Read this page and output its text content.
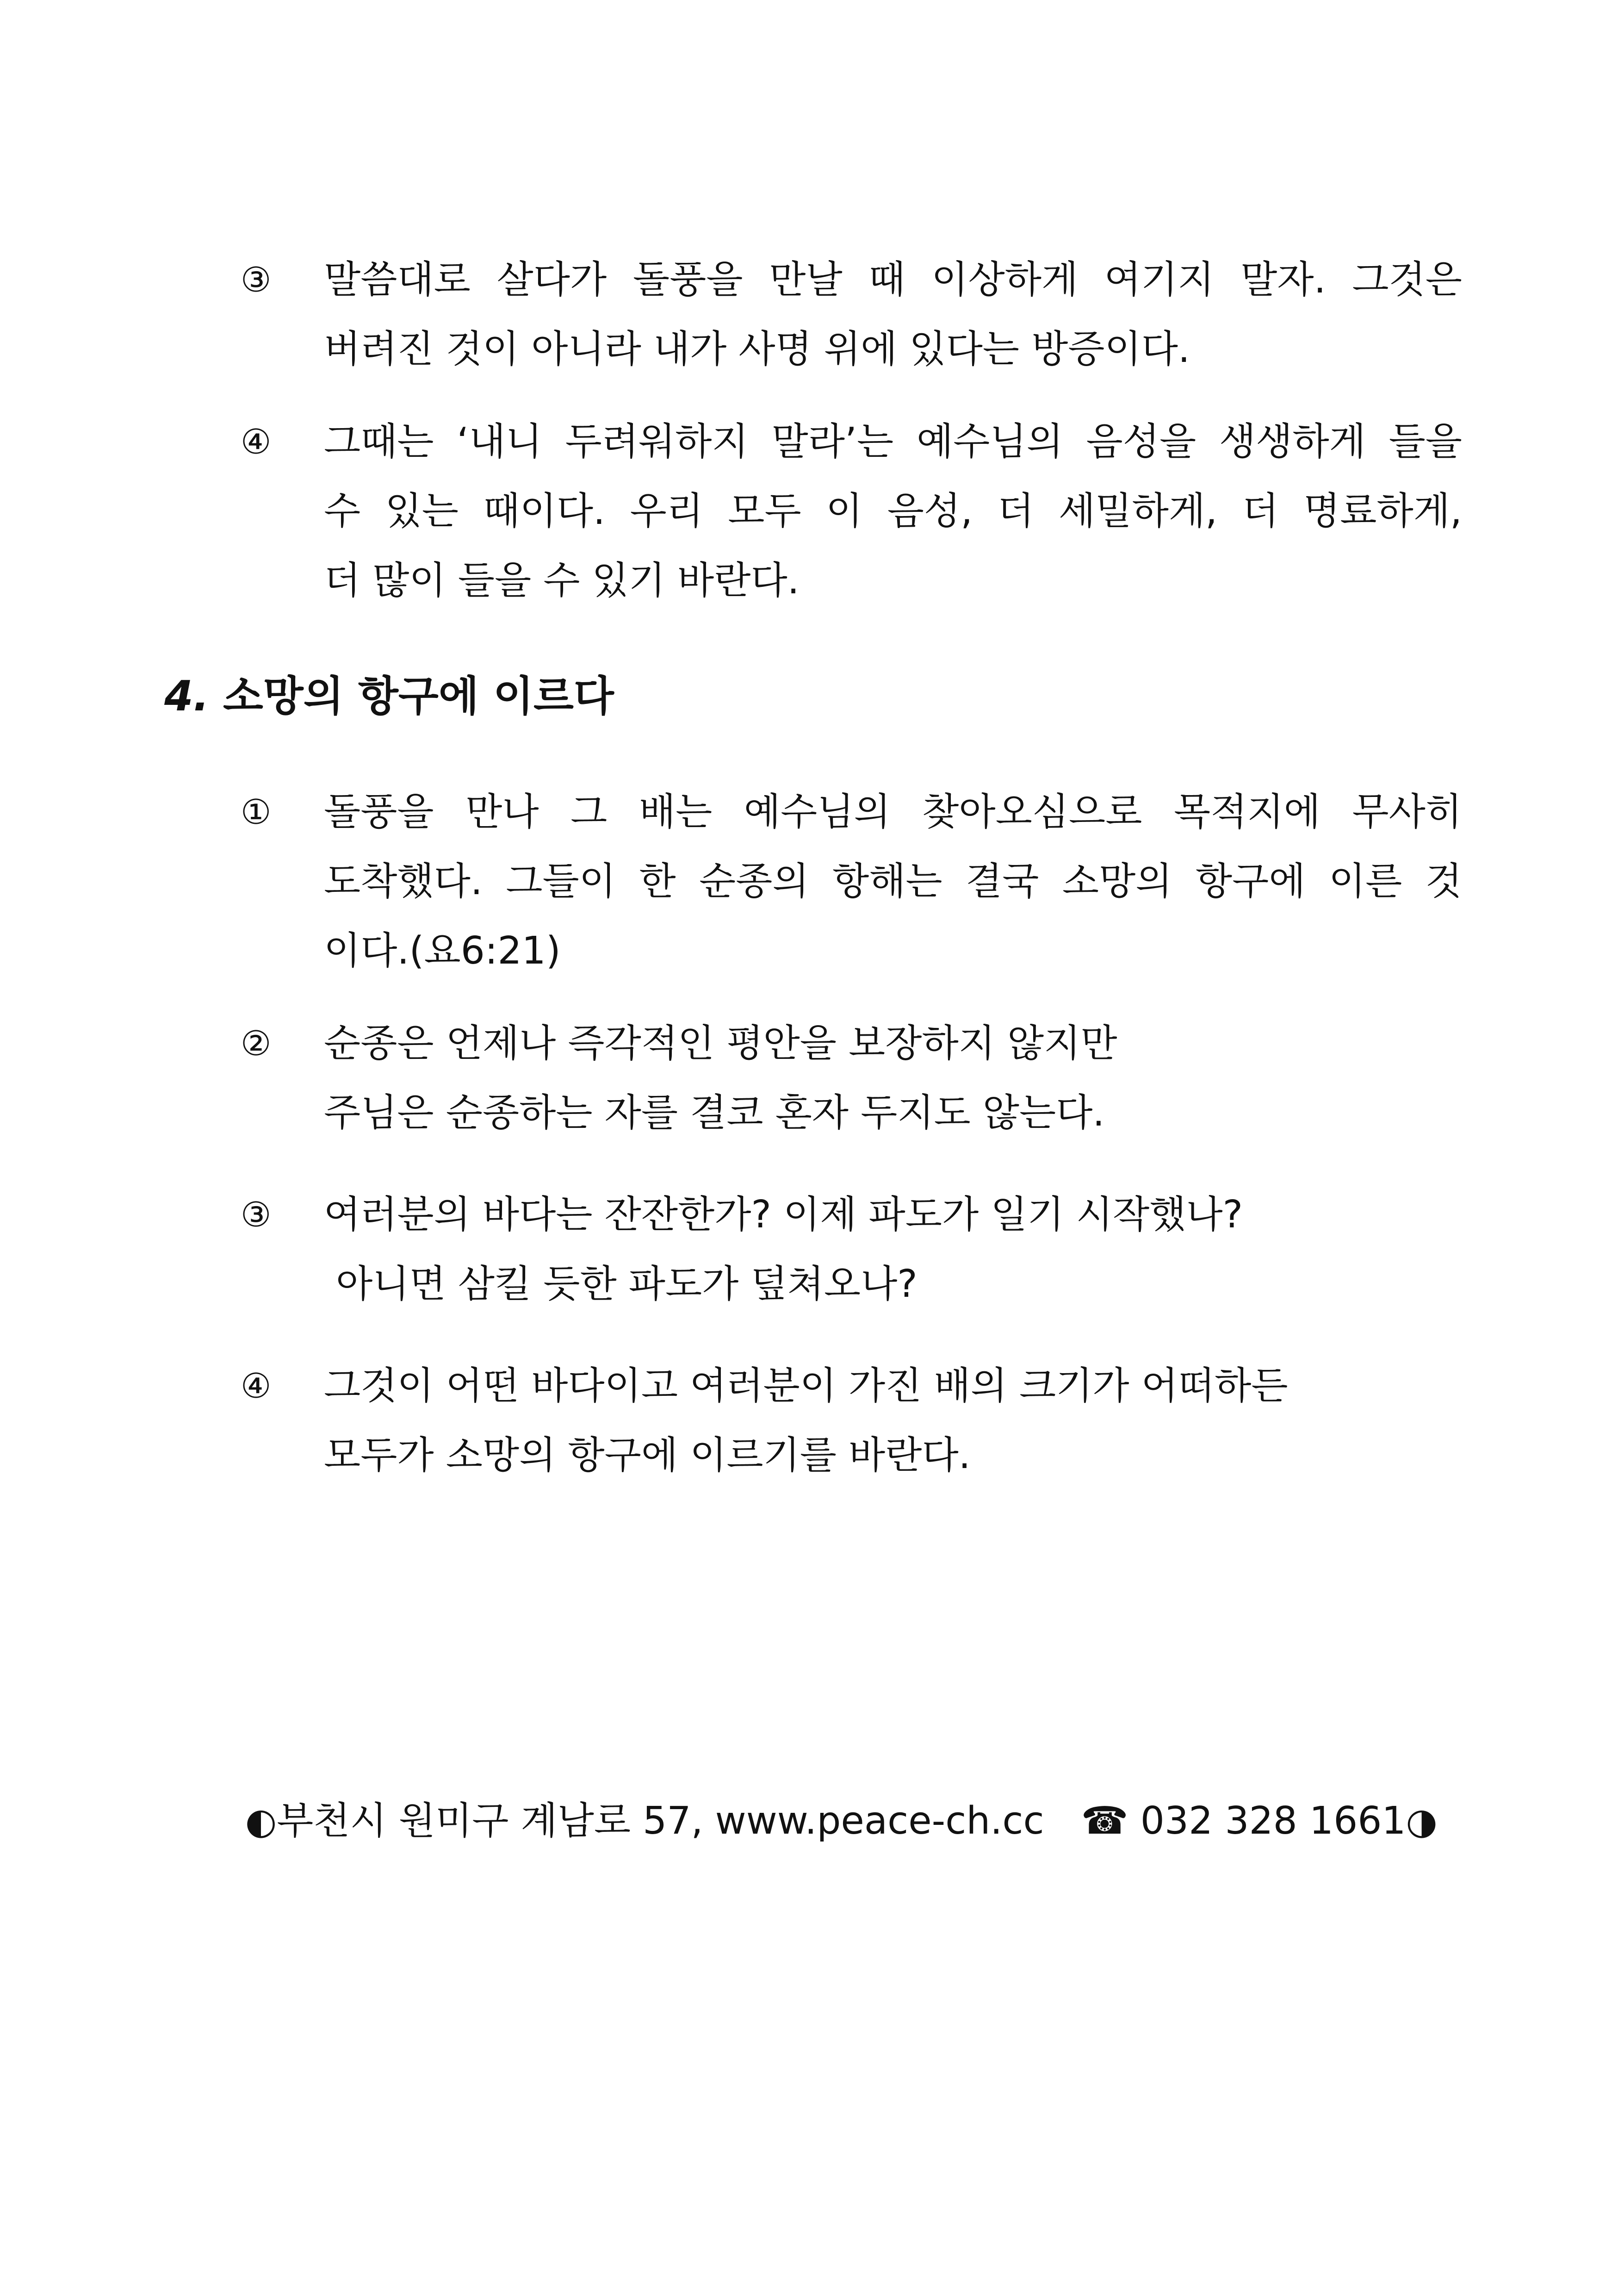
③	말씀대로 살다가 돌풍을 만날 때 이상하게 여기지 말자. 그것은
버려진 것이 아니라 내가 사명 위에 있다는 방증이다.
④	그때는 ‘내니 두려워하지 말라’는 예수님의 음성을 생생하게 들을
수 있는 때이다. 우리 모두 이 음성, 더 세밀하게, 더 명료하게,
더 많이 들을 수 있기 바란다.
4. 소망의 항구에 이르다
①	돌풍을 만나 그 배는 예수님의 찾아오심으로 목적지에 무사히
도착했다. 그들이 한 순종의 항해는 결국 소망의 항구에 이른 것
이다.(요6:21)
②	순종은 언제나 즉각적인 평안을 보장하지 않지만
주님은 순종하는 자를 결코 혼자 두지도 않는다.
③	여러분의 바다는 잔잔한가? 이제 파도가 일기 시작했나?
아니면 삼킬 듯한 파도가 덮쳐오나?
④	그것이 어떤 바다이고 여러분이 가진 배의 크기가 어떠하든
모두가 소망의 항구에 이르기를 바란다.
◐부천시 원미구 계남로 57, www.peace-ch.cc ☎ 032 328 1661◑
